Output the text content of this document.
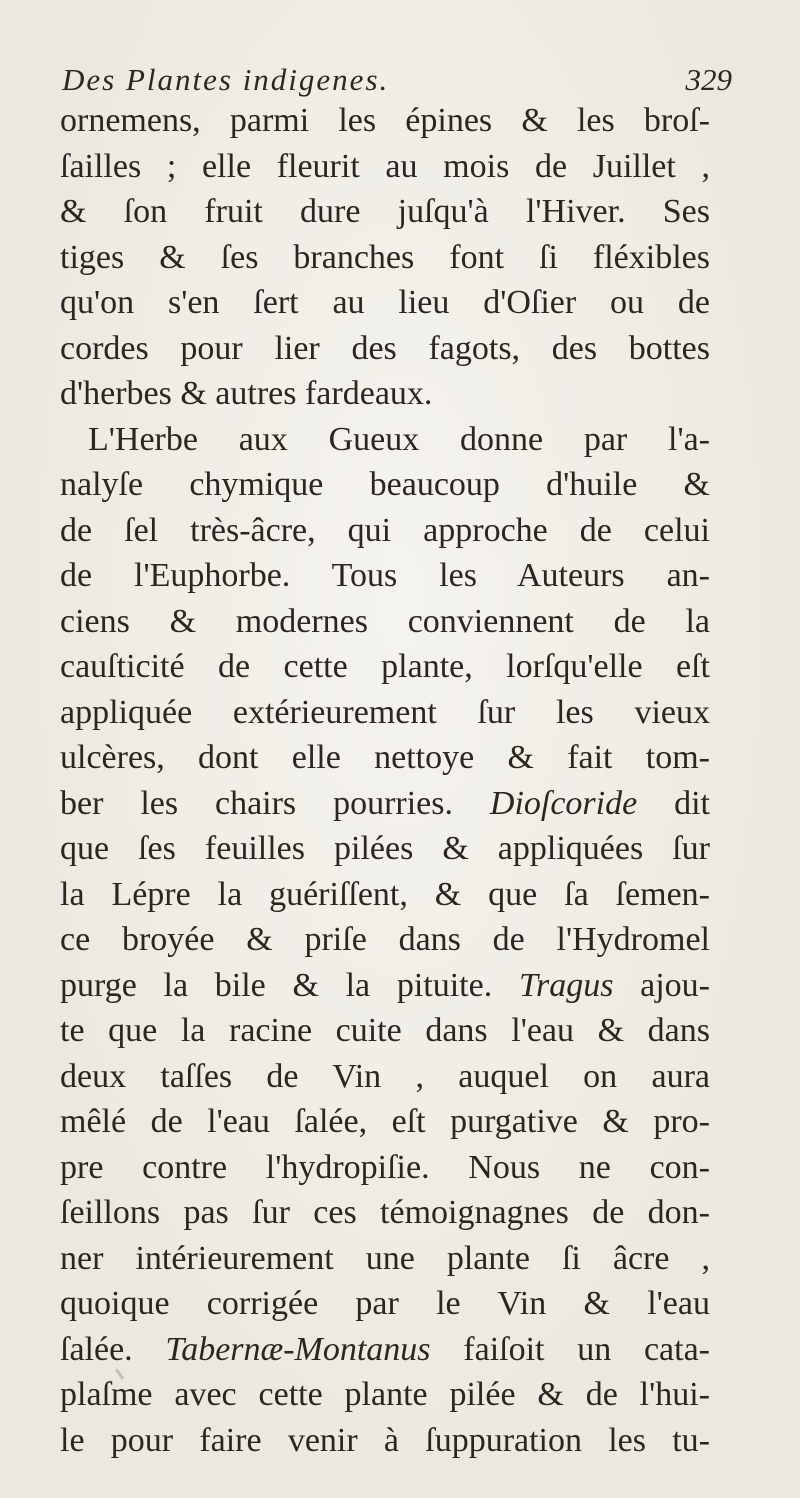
Des Plantes indigenes.	329
ornemens, parmi les épines & les broſ-
ſailles ; elle fleurit au mois de Juillet ,
& ſon fruit dure juſqu'à l'Hiver. Ses
tiges & ſes branches font ſi fléxibles
qu'on s'en ſert au lieu d'Oſier ou de
cordes pour lier des fagots, des bottes
d'herbes & autres fardeaux.
L'Herbe aux Gueux donne par l'a-
nalyſe chymique beaucoup d'huile &
de ſel très-âcre, qui approche de celui
de l'Euphorbe. Tous les Auteurs an-
ciens & modernes conviennent de la
cauſticité de cette plante, lorſqu'elle eſt
appliquée extérieurement ſur les vieux
ulcères, dont elle nettoye & fait tom-
ber les chairs pourries. Dioſcoride dit
que ſes feuilles pilées & appliquées ſur
la Lépre la guériſſent, & que ſa ſemen-
ce broyée & priſe dans de l'Hydromel
purge la bile & la pituite. Tragus ajou-
te que la racine cuite dans l'eau & dans
deux taſſes de Vin , auquel on aura
mêlé de l'eau ſalée, eſt purgative & pro-
pre contre l'hydropiſie. Nous ne con-
ſeillons pas ſur ces témoignagnes de don-
ner intérieurement une plante ſi âcre ,
quoique corrigée par le Vin & l'eau
ſalée. Tabernæ-Montanus faiſoit un cata-
plaſme avec cette plante pilée & de l'hui-
le pour faire venir à ſuppuration les tu-
